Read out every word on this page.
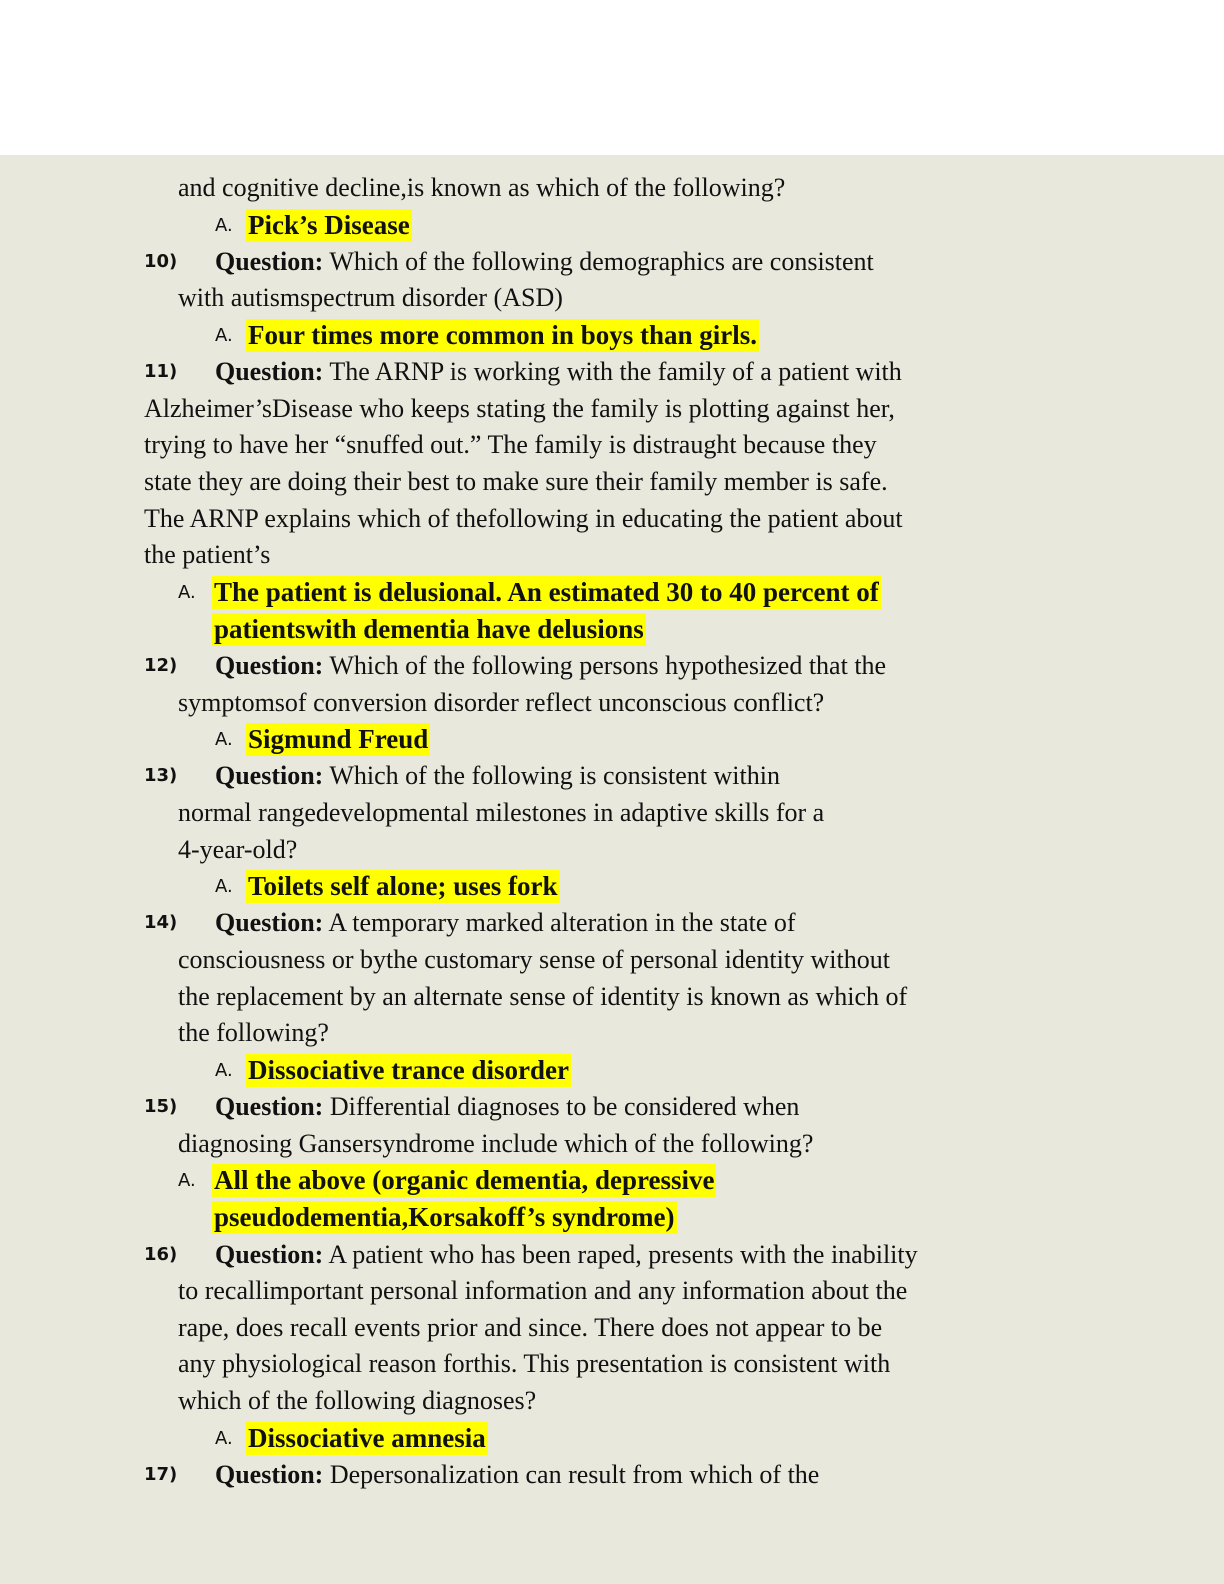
and cognitive decline,is known as which of the following?
A. Pick’s Disease
10) Question: Which of the following demographics are consistent
with autismspectrum disorder (ASD)
A. Four times more common in boys than girls.
11) Question: The ARNP is working with the family of a patient with
Alzheimer’sDisease who keeps stating the family is plotting against her,
trying to have her “snuffed out.” The family is distraught because they
state they are doing their best to make sure their family member is safe.
The ARNP explains which of thefollowing in educating the patient about
the patient’s
A. The patient is delusional. An estimated 30 to 40 percent of
patientswith dementia have delusions
12) Question: Which of the following persons hypothesized that the
symptomsof conversion disorder reflect unconscious conflict?
A. Sigmund Freud
13) Question: Which of the following is consistent within
normal rangedevelopmental milestones in adaptive skills for a
4-year-old?
A. Toilets self alone; uses fork
14) Question: A temporary marked alteration in the state of
consciousness or bythe customary sense of personal identity without
the replacement by an alternate sense of identity is known as which of
the following?
A. Dissociative trance disorder
15) Question: Differential diagnoses to be considered when
diagnosing Gansersyndrome include which of the following?
A. All the above (organic dementia, depressive
pseudodementia,Korsakoff’s syndrome)
16) Question: A patient who has been raped, presents with the inability
to recallimportant personal information and any information about the
rape, does recall events prior and since. There does not appear to be
any physiological reason forthis. This presentation is consistent with
which of the following diagnoses?
A. Dissociative amnesia
17) Question: Depersonalization can result from which of the
